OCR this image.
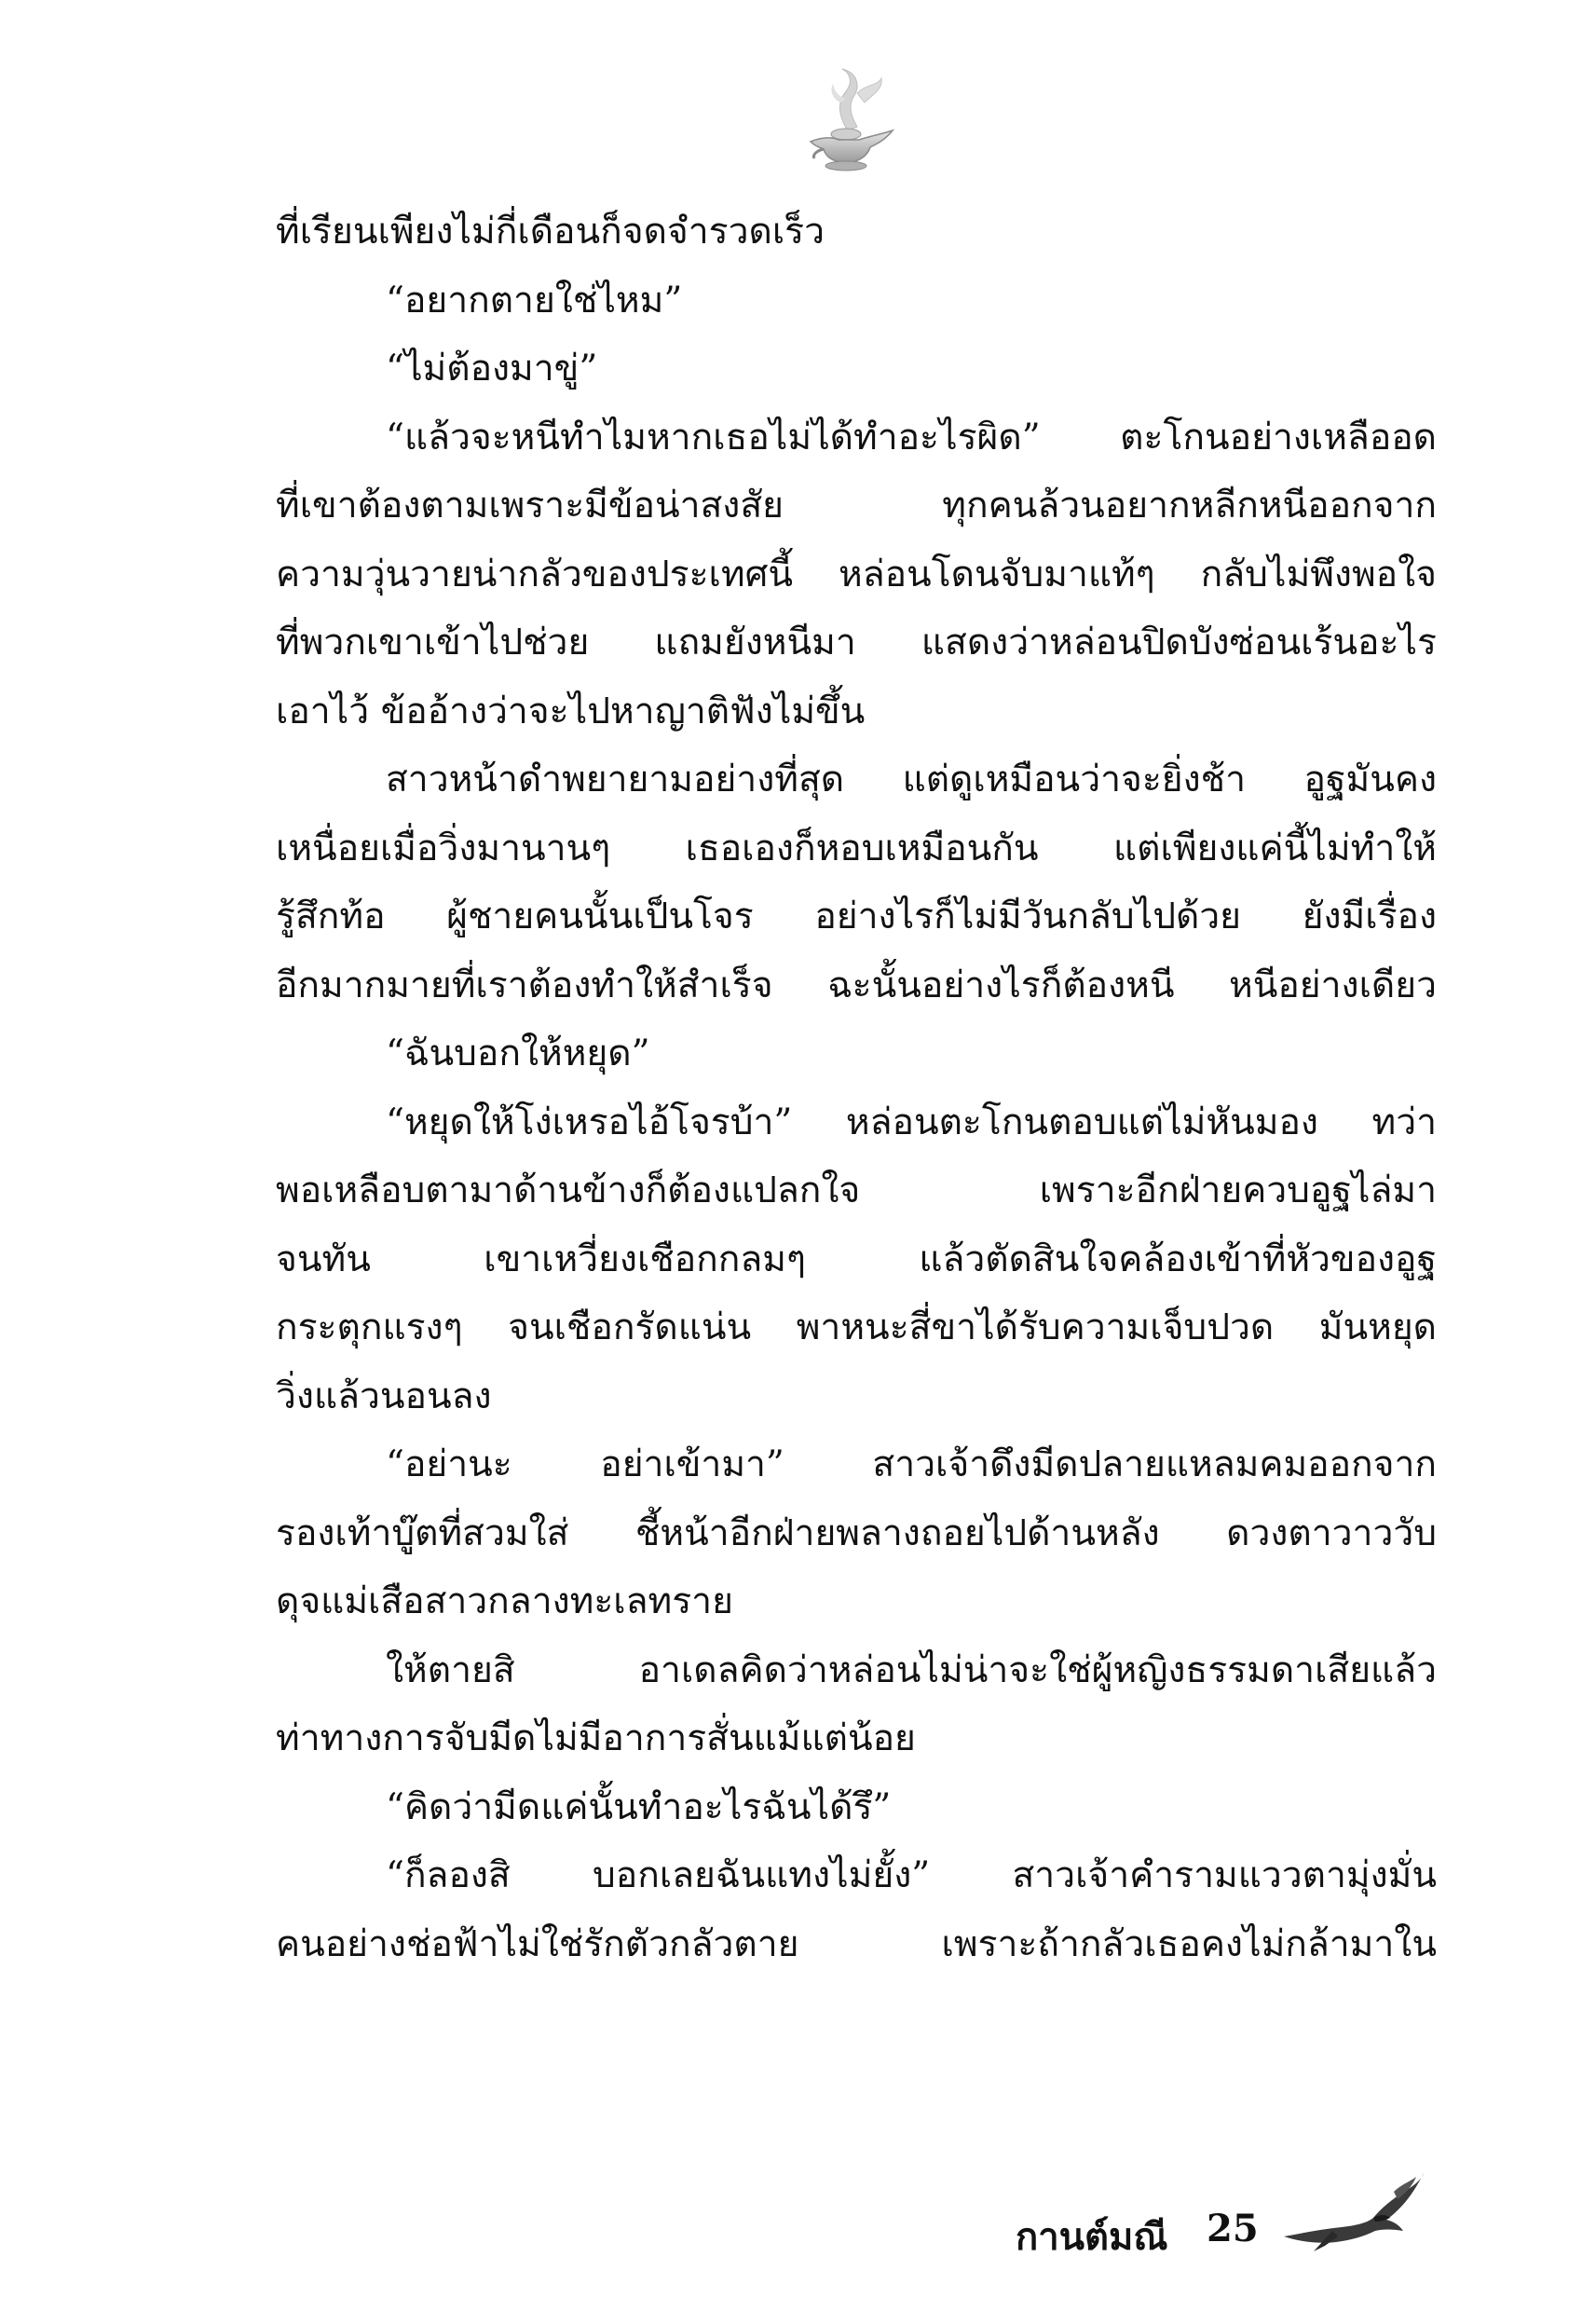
ที่เรียนเพียงไม่กี่เดือนก็จดจำรวดเร็ว
“อยากตายใช่ไหม”
“ไม่ต้องมาขู่”
“แล้วจะหนีทำไมหากเธอไม่ได้ทำอะไรผิด” ตะโกนอย่างเหลืออด
ที่เขาต้องตามเพราะมีข้อน่าสงสัย ทุกคนล้วนอยากหลีกหนีออกจาก
ความวุ่นวายน่ากลัวของประเทศนี้ หล่อนโดนจับมาแท้ๆ กลับไม่พึงพอใจ
ที่พวกเขาเข้าไปช่วย แถมยังหนีมา แสดงว่าหล่อนปิดบังซ่อนเร้นอะไร
เอาไว้ ข้ออ้างว่าจะไปหาญาติฟังไม่ขึ้น
สาวหน้าดำพยายามอย่างที่สุด แต่ดูเหมือนว่าจะยิ่งช้า อูฐมันคง
เหนื่อยเมื่อวิ่งมานานๆ เธอเองก็หอบเหมือนกัน แต่เพียงแค่นี้ไม่ทำให้
รู้สึกท้อ ผู้ชายคนนั้นเป็นโจร อย่างไรก็ไม่มีวันกลับไปด้วย ยังมีเรื่อง
อีกมากมายที่เราต้องทำให้สำเร็จ ฉะนั้นอย่างไรก็ต้องหนี หนีอย่างเดียว
“ฉันบอกให้หยุด”
“หยุดให้โง่เหรอไอ้โจรบ้า” หล่อนตะโกนตอบแต่ไม่หันมอง ทว่า
พอเหลือบตามาด้านข้างก็ต้องแปลกใจ เพราะอีกฝ่ายควบอูฐไล่มา
จนทัน เขาเหวี่ยงเชือกกลมๆ แล้วตัดสินใจคล้องเข้าที่หัวของอูฐ
กระตุกแรงๆ จนเชือกรัดแน่น พาหนะสี่ขาได้รับความเจ็บปวด มันหยุด
วิ่งแล้วนอนลง
“อย่านะ อย่าเข้ามา” สาวเจ้าดึงมีดปลายแหลมคมออกจาก
รองเท้าบู๊ตที่สวมใส่ ชี้หน้าอีกฝ่ายพลางถอยไปด้านหลัง ดวงตาวาววับ
ดุจแม่เสือสาวกลางทะเลทราย
ให้ตายสิ อาเดลคิดว่าหล่อนไม่น่าจะใช่ผู้หญิงธรรมดาเสียแล้ว
ท่าทางการจับมีดไม่มีอาการสั่นแม้แต่น้อย
“คิดว่ามีดแค่นั้นทำอะไรฉันได้รึ”
“ก็ลองสิ บอกเลยฉันแทงไม่ยั้ง” สาวเจ้าคำรามแววตามุ่งมั่น
คนอย่างช่อฟ้าไม่ใช่รักตัวกลัวตาย เพราะถ้ากลัวเธอคงไม่กล้ามาใน
กานต์มณี 25
